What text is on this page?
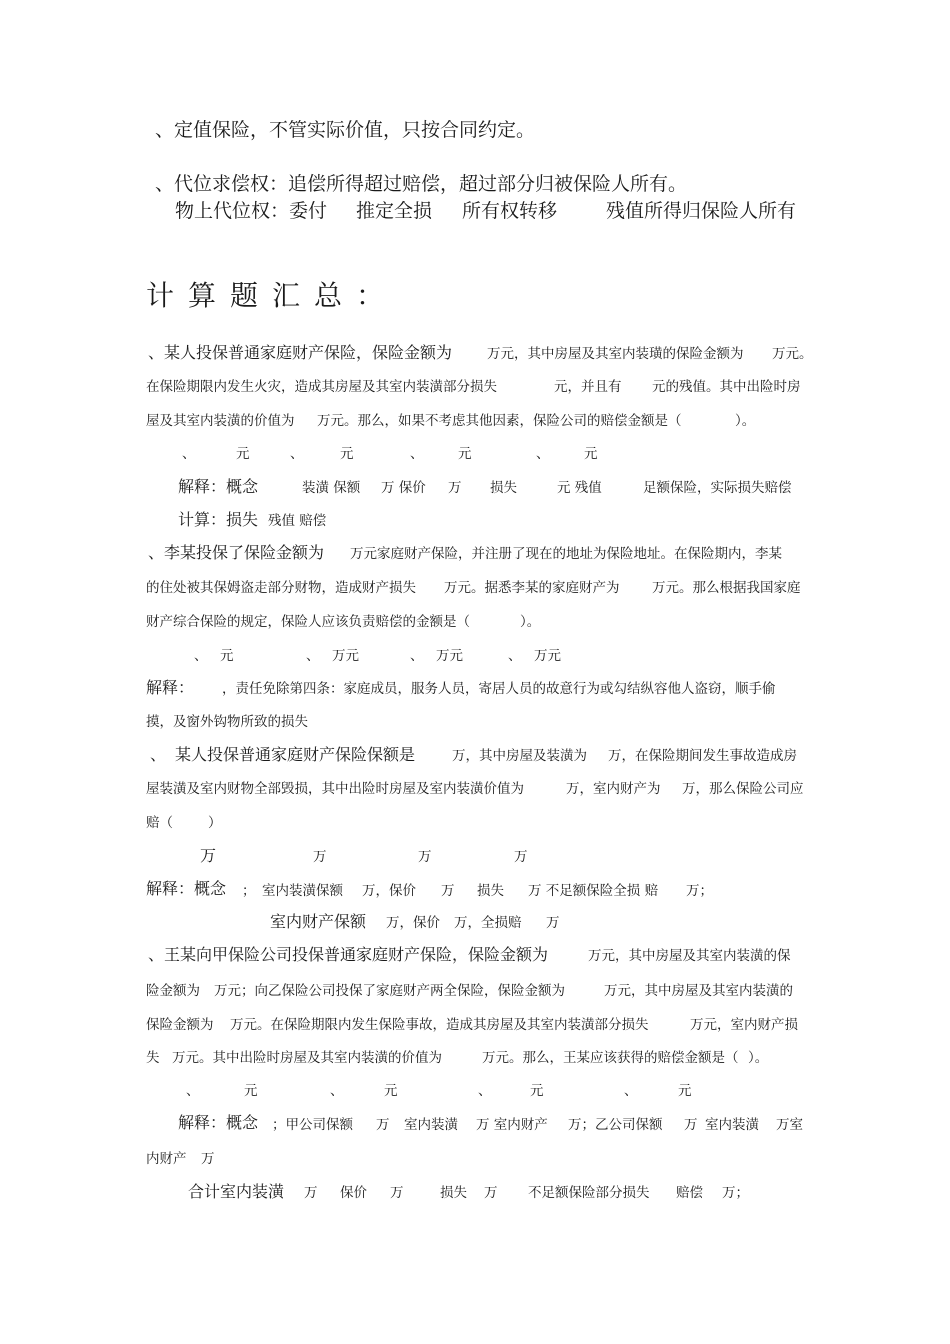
、定值保险，不管实际价值，只按合同约定。
、代位求偿权：追偿所得超过赔偿，超过部分归被保险人所有。
物上代位权：委付 推定全损 所有权转移	残值所得归保险人所有
计算题汇总：
、某人投保普通家庭财产保险，保险金额为	万元，其中房屋及其室内装璜的保险金额为 万元。
在保险期限内发生火灾，造成其房屋及其室内装潢部分损失	元，并且有 元的残值。其中出险时房
屋及其室内装潢的价值为 万元。那么，如果不考虑其他因素，保险公司的赔偿金额是（	）。
、	元	、	元	、	元	、	元
解释：概念	装潢 保额 万 保价 万 损失	元 残值	足额保险，实际损失赔偿
计算：损失 残值 赔偿
、李某投保了保险金额为 万元家庭财产保险，并注册了现在的地址为保险地址。在保险期内，李某
的住处被其保姆盗走部分财物，造成财产损失 万元。据悉李某的家庭财产为 万元。那么根据我国家庭
财产综合保险的规定，保险人应该负责赔偿的金额是（	）。
、 元	、 万元	、 万元	、 万元
解释： ，责任免除第四条：家庭成员，服务人员，寄居人员的故意行为或勾结纵容他人盗窃，顺手偷
摸，及窗外钩物所致的损失
、 某人投保普通家庭财产保险保额是	万，其中房屋及装潢为 万，在保险期间发生事故造成房
屋装潢及室内财物全部毁损，其中出险时房屋及室内装潢价值为	万，室内财产为 万，那么保险公司应
赔（	）
万	万	万	万
解释：概念 ； 室内装潢保额 万，保价 万 损失 万 不足额保险全损 赔 万；
室内财产保额 万，保价 万，全损赔 万
、王某向甲保险公司投保普通家庭财产保险，保险金额为	万元，其中房屋及其室内装潢的保
险金额为 万元；向乙保险公司投保了家庭财产两全保险，保险金额为	万元，其中房屋及其室内装潢的
保险金额为 万元。在保险期限内发生保险事故，造成其房屋及其室内装潢部分损失	万元，室内财产损
失 万元。其中出险时房屋及其室内装潢的价值为	万元。那么，王某应该获得的赔偿金额是（ ）。
、	元	、	元	、	元	、	元
解释：概念 ；甲公司保额 万 室内装潢 万 室内财产 万；乙公司保额 万 室内装潢 万室
内财产 万
合计室内装潢 万 保价 万	损失 万 不足额保险部分损失 赔偿 万；
